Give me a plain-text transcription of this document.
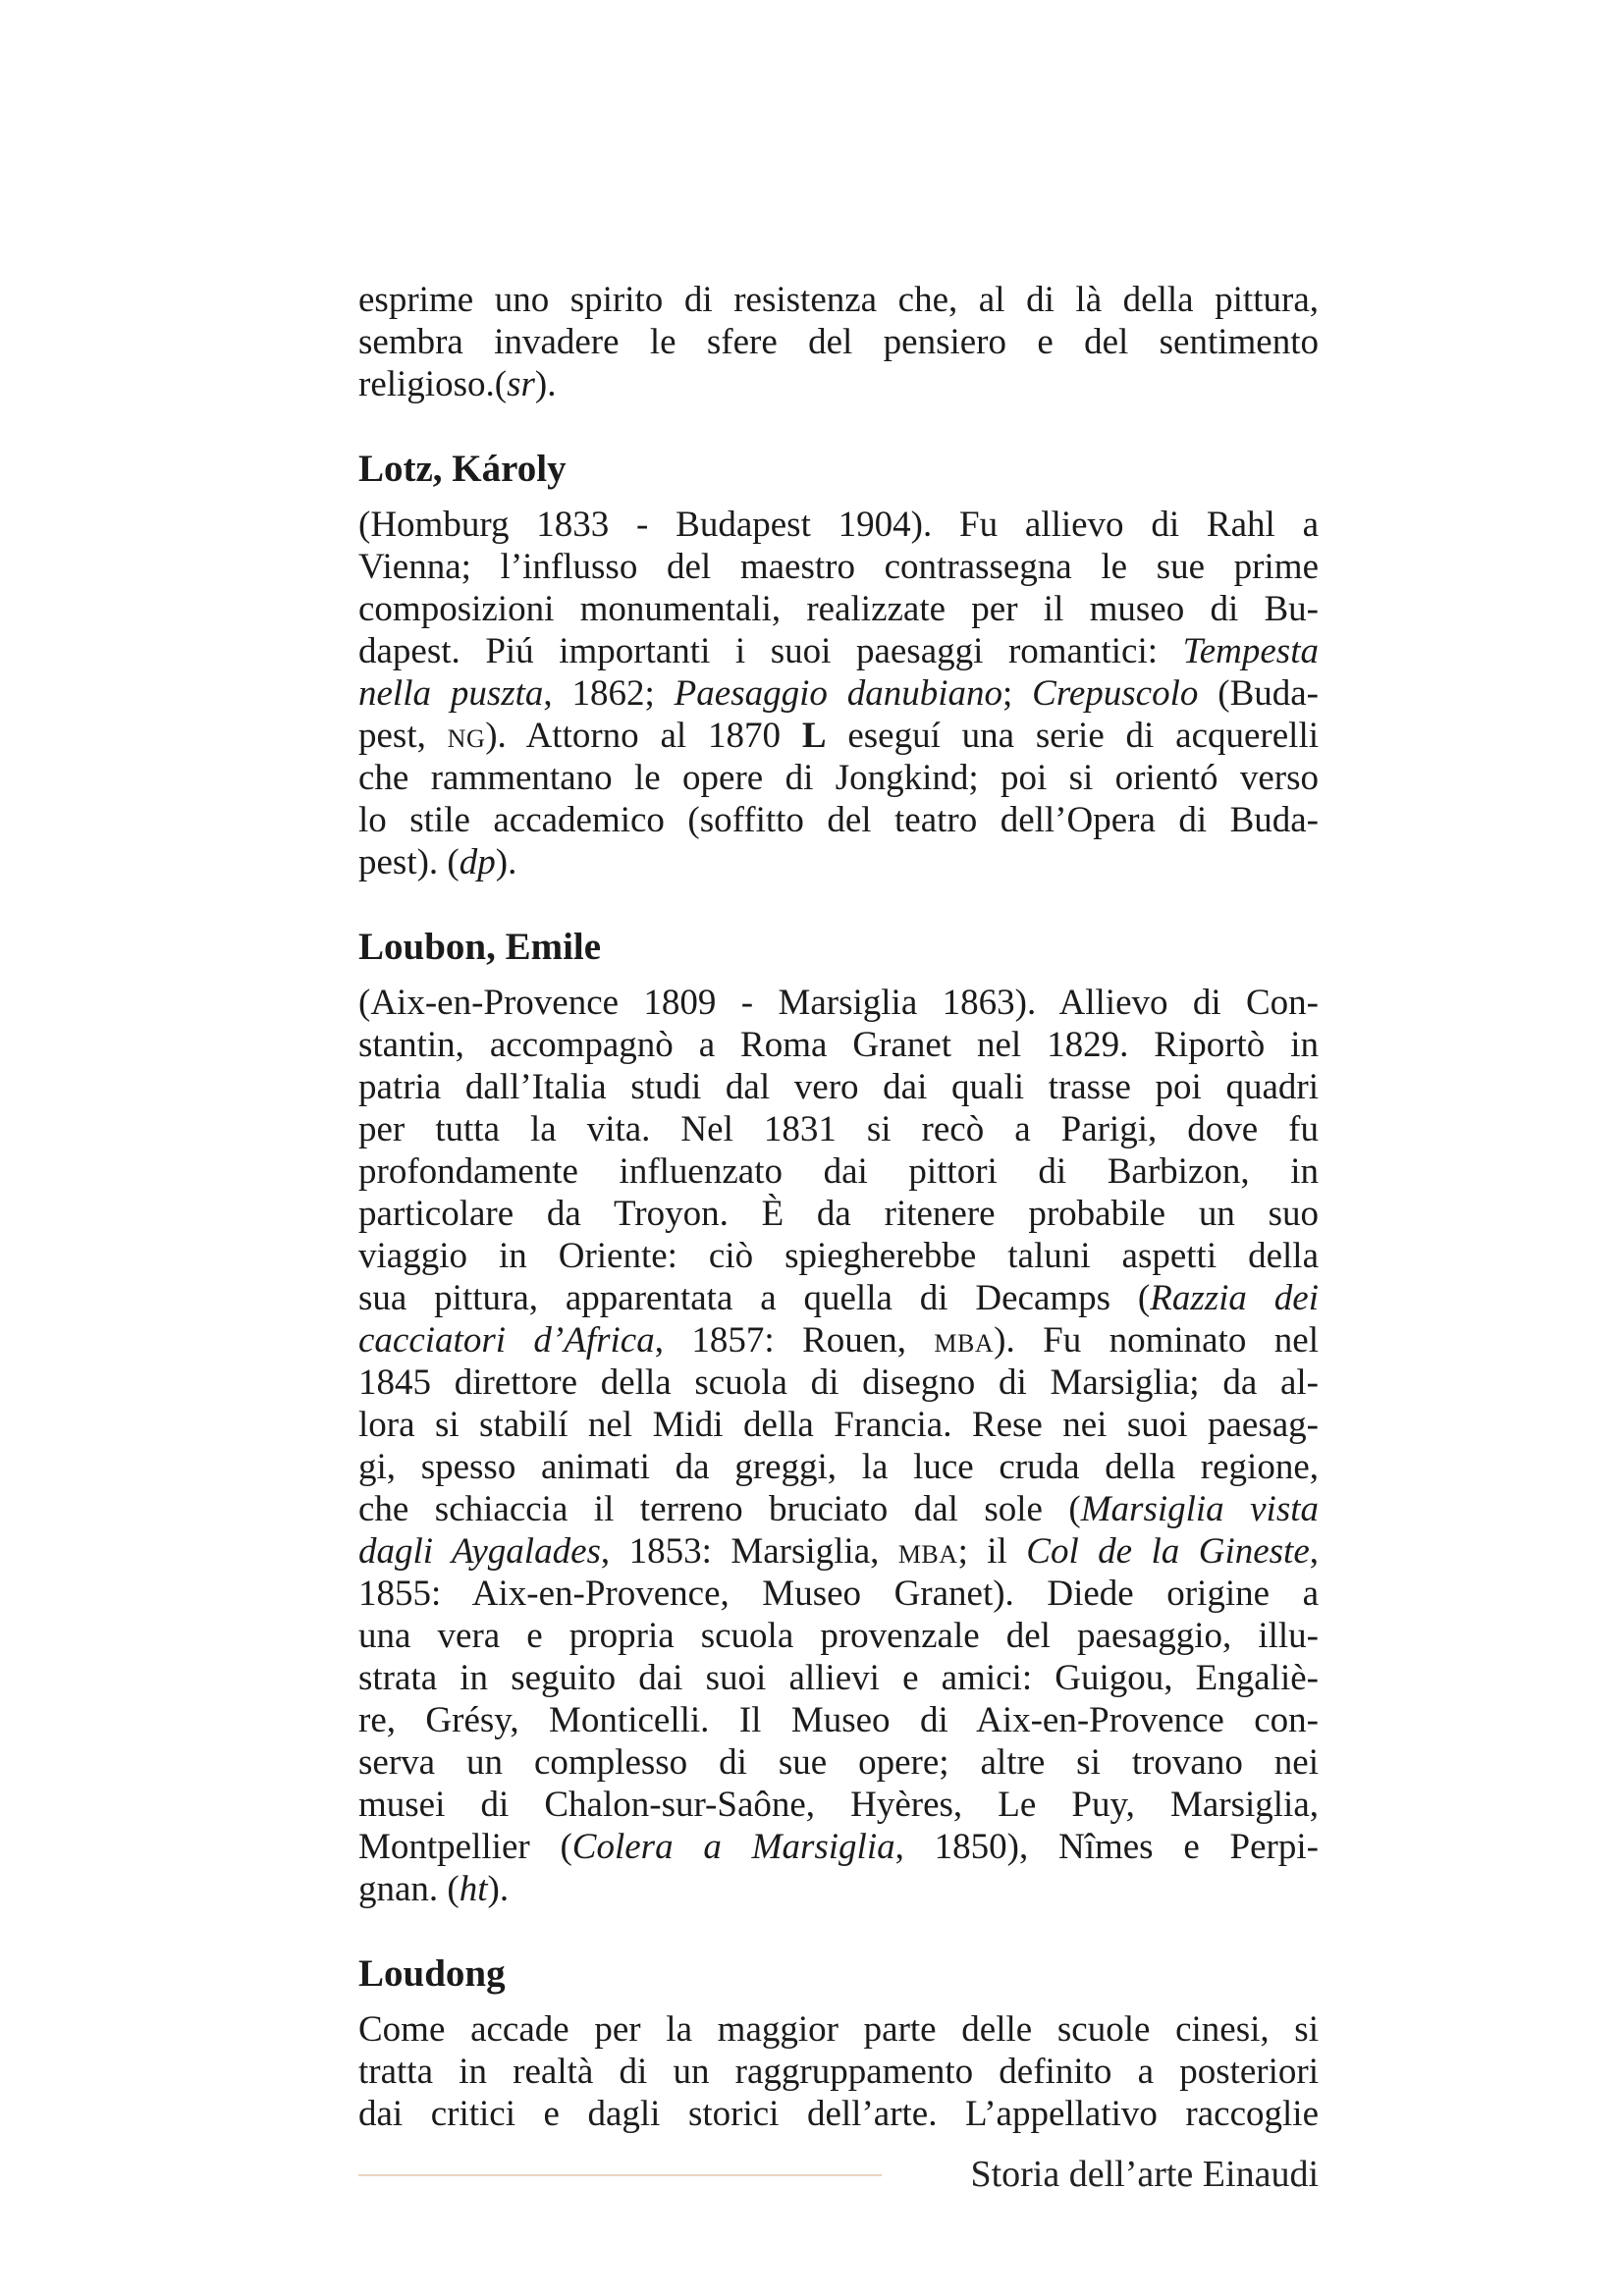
esprime uno spirito di resistenza che, al di là della pittura,
sembra invadere le sfere del pensiero e del sentimento
religioso.(sr).
Lotz, Károly
(Homburg 1833 - Budapest 1904). Fu allievo di Rahl a
Vienna; l’influsso del maestro contrassegna le sue prime
composizioni monumentali, realizzate per il museo di Bu-
dapest. Piú importanti i suoi paesaggi romantici: Tempesta
nella puszta, 1862; Paesaggio danubiano; Crepuscolo (Buda-
pest, ng). Attorno al 1870 L eseguí una serie di acquerelli
che rammentano le opere di Jongkind; poi si orientó verso
lo stile accademico (soffitto del teatro dell’Opera di Buda-
pest). (dp).
Loubon, Emile
(Aix-en-Provence 1809 - Marsiglia 1863). Allievo di Con-
stantin, accompagnò a Roma Granet nel 1829. Riportò in
patria dall’Italia studi dal vero dai quali trasse poi quadri
per tutta la vita. Nel 1831 si recò a Parigi, dove fu
profondamente influenzato dai pittori di Barbizon, in
particolare da Troyon. È da ritenere probabile un suo
viaggio in Oriente: ciò spiegherebbe taluni aspetti della
sua pittura, apparentata a quella di Decamps (Razzia dei
cacciatori d’Africa, 1857: Rouen, mba). Fu nominato nel
1845 direttore della scuola di disegno di Marsiglia; da al-
lora si stabilí nel Midi della Francia. Rese nei suoi paesag-
gi, spesso animati da greggi, la luce cruda della regione,
che schiaccia il terreno bruciato dal sole (Marsiglia vista
dagli Aygalades, 1853: Marsiglia, mba; il Col de la Gineste,
1855: Aix-en-Provence, Museo Granet). Diede origine a
una vera e propria scuola provenzale del paesaggio, illu-
strata in seguito dai suoi allievi e amici: Guigou, Engaliè-
re, Grésy, Monticelli. Il Museo di Aix-en-Provence con-
serva un complesso di sue opere; altre si trovano nei
musei di Chalon-sur-Saône, Hyères, Le Puy, Marsiglia,
Montpellier (Colera a Marsiglia, 1850), Nîmes e Perpi-
gnan. (ht).
Loudong
Come accade per la maggior parte delle scuole cinesi, si
tratta in realtà di un raggruppamento definito a posteriori
dai critici e dagli storici dell’arte. L’appellativo raccoglie
Storia dell’arte Einaudi
